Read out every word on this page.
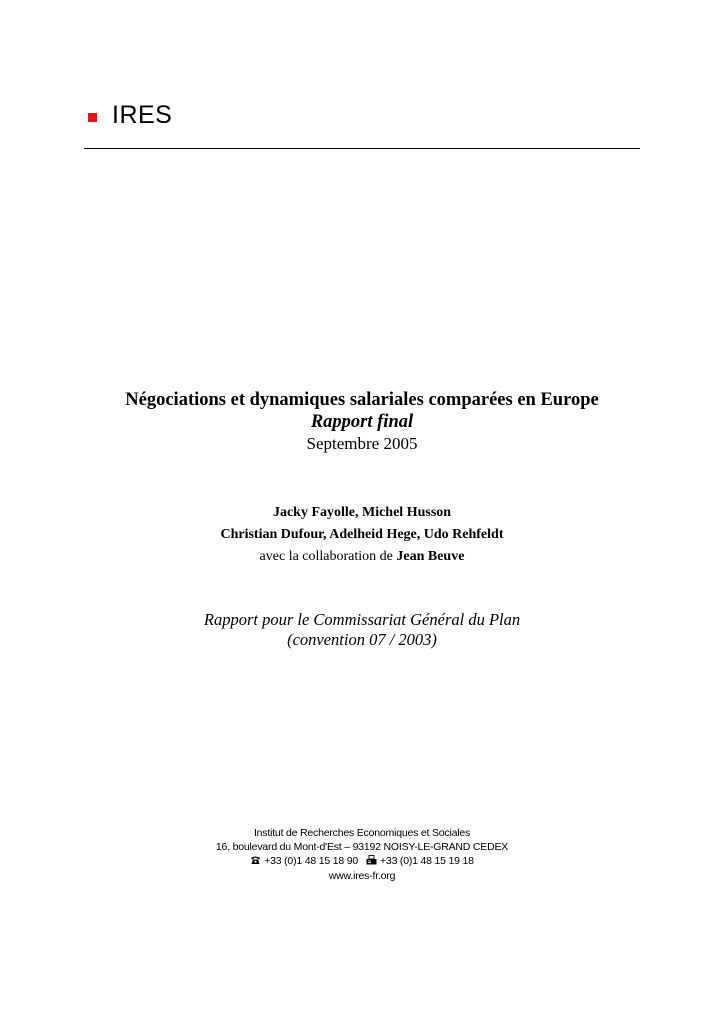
IRES

Négociations et dynamiques salariales comparées en Europe

Rapport final

Septembre 2005

Jacky Fayolle, Michel Husson

Christian Dufour, Adelheid Hege, Udo Rehfeldt

avec la collaboration de Jean Beuve

Rapport pour le Commissariat Général du Plan

(convention 07 / 2003)

Institut de Recherches Economiques et Sociales

16, boulevard du Mont-d'Est – 93192 NOISY-LE-GRAND CEDEX

+33 (0)1 48 15 18 90 +33 (0)1 48 15 19 18

www.ires-fr.org
